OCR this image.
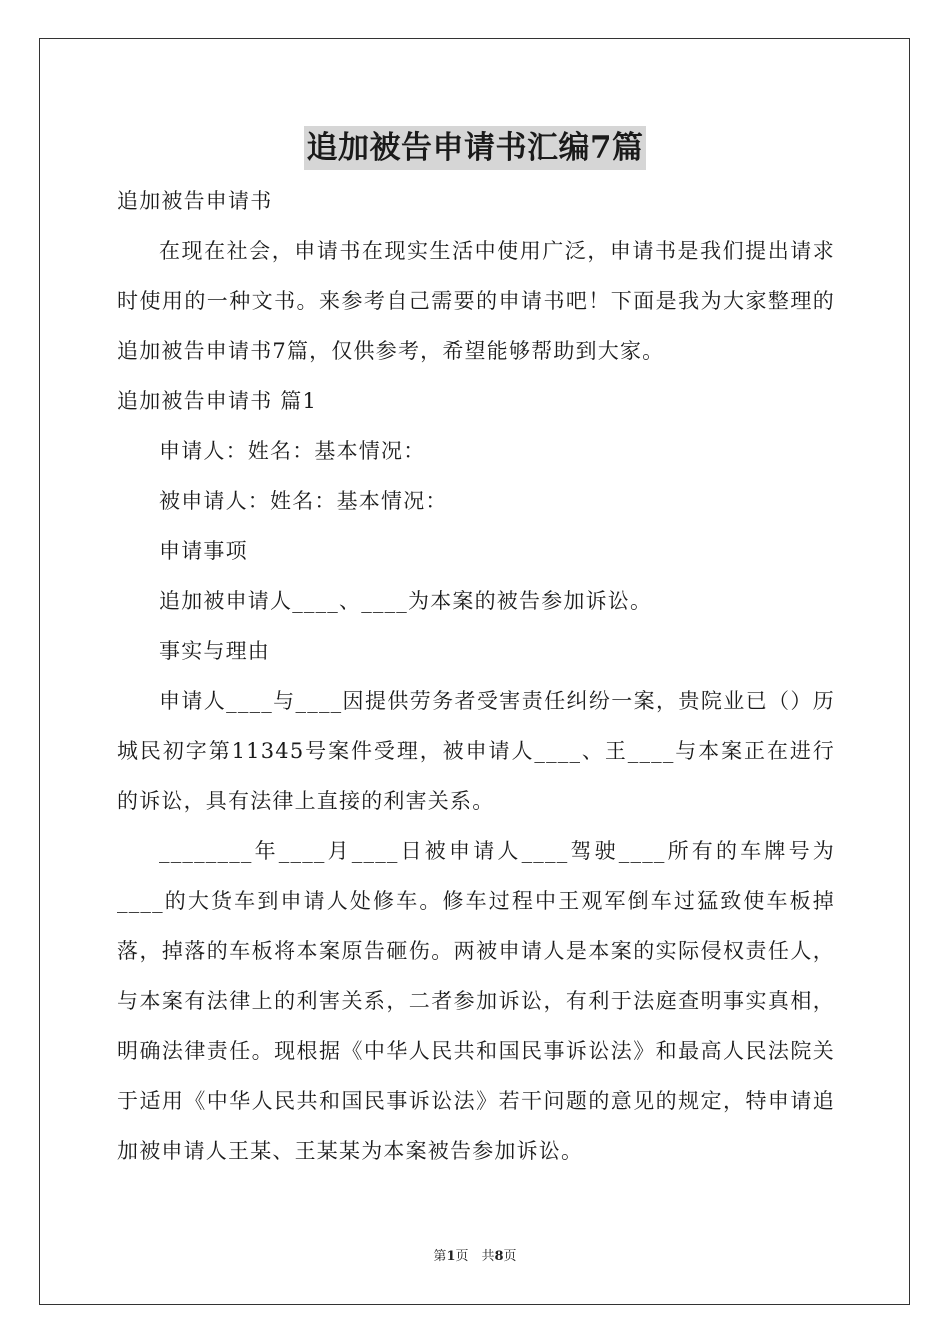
追加被告申请书汇编7篇
追加被告申请书
在现在社会，申请书在现实生活中使用广泛，申请书是我们提出请求时使用的一种文书。来参考自己需要的申请书吧！下面是我为大家整理的追加被告申请书7篇，仅供参考，希望能够帮助到大家。
追加被告申请书 篇1
申请人：姓名：基本情况：
被申请人：姓名：基本情况：
申请事项
追加被申请人____、____为本案的被告参加诉讼。
事实与理由
申请人____与____因提供劳务者受害责任纠纷一案，贵院业已（）历城民初字第11345号案件受理，被申请人____、王____与本案正在进行的诉讼，具有法律上直接的利害关系。
________年____月____日被申请人____驾驶____所有的车牌号为____的大货车到申请人处修车。修车过程中王观军倒车过猛致使车板掉落，掉落的车板将本案原告砸伤。两被申请人是本案的实际侵权责任人，与本案有法律上的利害关系，二者参加诉讼，有利于法庭查明事实真相，明确法律责任。现根据《中华人民共和国民事诉讼法》和最高人民法院关于适用《中华人民共和国民事诉讼法》若干问题的意见的规定，特申请追加被申请人王某、王某某为本案被告参加诉讼。
第1页　共8页
